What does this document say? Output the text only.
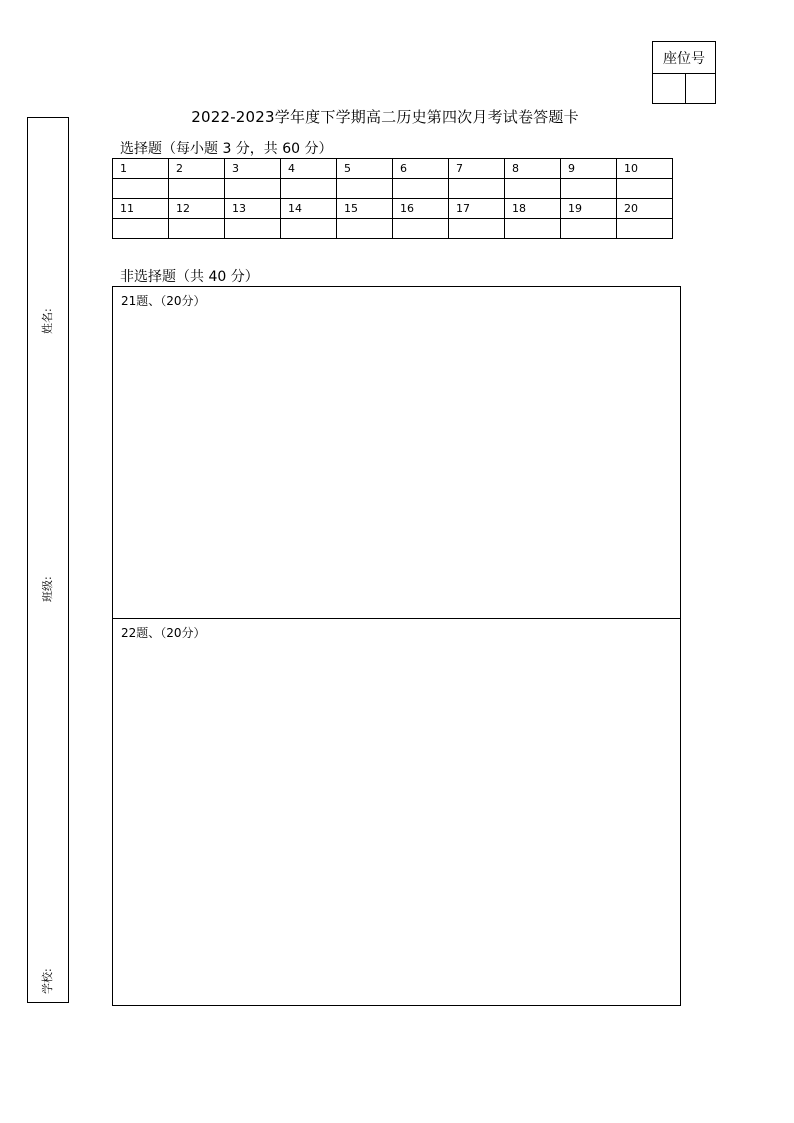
座位号
姓名:
班级:
学校:
2022-2023学年度下学期高二历史第四次月考试卷答题卡
选择题（每小题 3 分，共 60 分）
1	2	3	4	5	6	7	8	9	10

11	12	13	14	15	16	17	18	19	20

非选择题（共 40 分）
21题、（20分）
22题、（20分）
